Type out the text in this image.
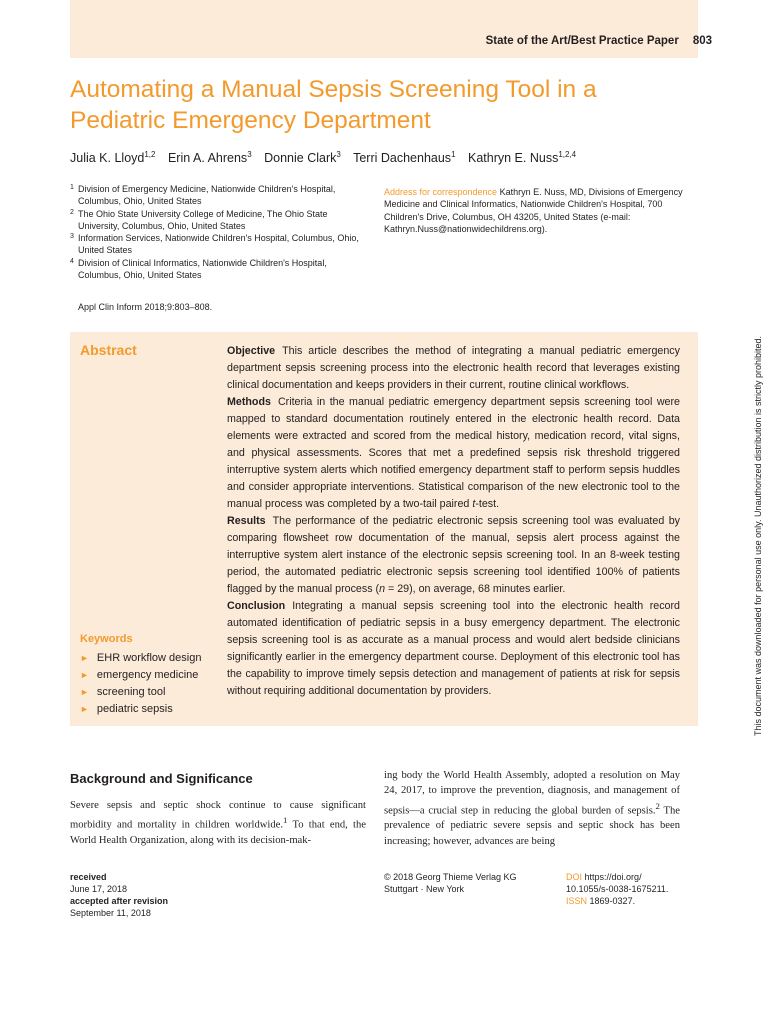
State of the Art/Best Practice Paper 803
Automating a Manual Sepsis Screening Tool in a Pediatric Emergency Department
Julia K. Lloyd$^{1,2}$ Erin A. Ahrens$^3$ Donnie Clark$^3$ Terri Dachenhaus$^1$ Kathryn E. Nuss$^{1,2,4}$
1 Division of Emergency Medicine, Nationwide Children's Hospital, Columbus, Ohio, United States
2 The Ohio State University College of Medicine, The Ohio State University, Columbus, Ohio, United States
3 Information Services, Nationwide Children's Hospital, Columbus, Ohio, United States
4 Division of Clinical Informatics, Nationwide Children's Hospital, Columbus, Ohio, United States
Address for correspondence Kathryn E. Nuss, MD, Divisions of Emergency Medicine and Clinical Informatics, Nationwide Children's Hospital, 700 Children's Drive, Columbus, OH 43205, United States (e-mail: Kathryn.Nuss@nationwidechildrens.org).
Appl Clin Inform 2018;9:803–808.
Abstract	Objective This article describes the method of integrating a manual pediatric emergency department sepsis screening process into the electronic health record that leverages existing clinical documentation and keeps providers in their current, routine clinical workflows.

Methods Criteria in the manual pediatric emergency department sepsis screening tool were mapped to standard documentation routinely entered in the electronic health record. Data elements were extracted and scored from the medical history, medication record, vital signs, and physical assessments. Scores that met a predefined sepsis risk threshold triggered interruptive system alerts which notified emergency department staff to perform sepsis huddles and consider appropriate interventions. Statistical comparison of the new electronic tool to the manual process was completed by a two-tail paired t-test.

Results The performance of the pediatric electronic sepsis screening tool was evaluated by comparing flowsheet row documentation of the manual, sepsis alert process against the interruptive system alert instance of the electronic sepsis screening tool. In an 8-week testing period, the automated pediatric electronic sepsis screening tool identified 100% of patients flagged by the manual process (n = 29), on average, 68 minutes earlier.

Conclusion Integrating a manual sepsis screening tool into the electronic health record automated identification of pediatric sepsis in a busy emergency department. The electronic sepsis screening tool is as accurate as a manual process and would alert bedside clinicians significantly earlier in the emergency department course. Deployment of this electronic tool has the capability to improve timely sepsis detection and management of patients at risk for sepsis without requiring additional documentation by providers.

Keywords
► EHR workflow design
► emergency medicine
► screening tool
► pediatric sepsis	This document was downloaded for personal use only. Unauthorized distribution is strictly prohibited.
Background and Significance

Severe sepsis and septic shock continue to cause significant morbidity and mortality in children worldwide.$^1$ To that end, the World Health Organization, along with its decision-mak-

ing body the World Health Assembly, adopted a resolution on May 24, 2017, to improve the prevention, diagnosis, and management of sepsis—a crucial step in reducing the global burden of sepsis.$^2$ The prevalence of pediatric severe sepsis and septic shock has been increasing; however, advances are being

received
June 17, 2018
accepted after revision
September 11, 2018
© 2018 Georg Thieme Verlag KG
Stuttgart · New York
DOI https://doi.org/ 10.1055/s-0038-1675211.
ISSN 1869-0327.
